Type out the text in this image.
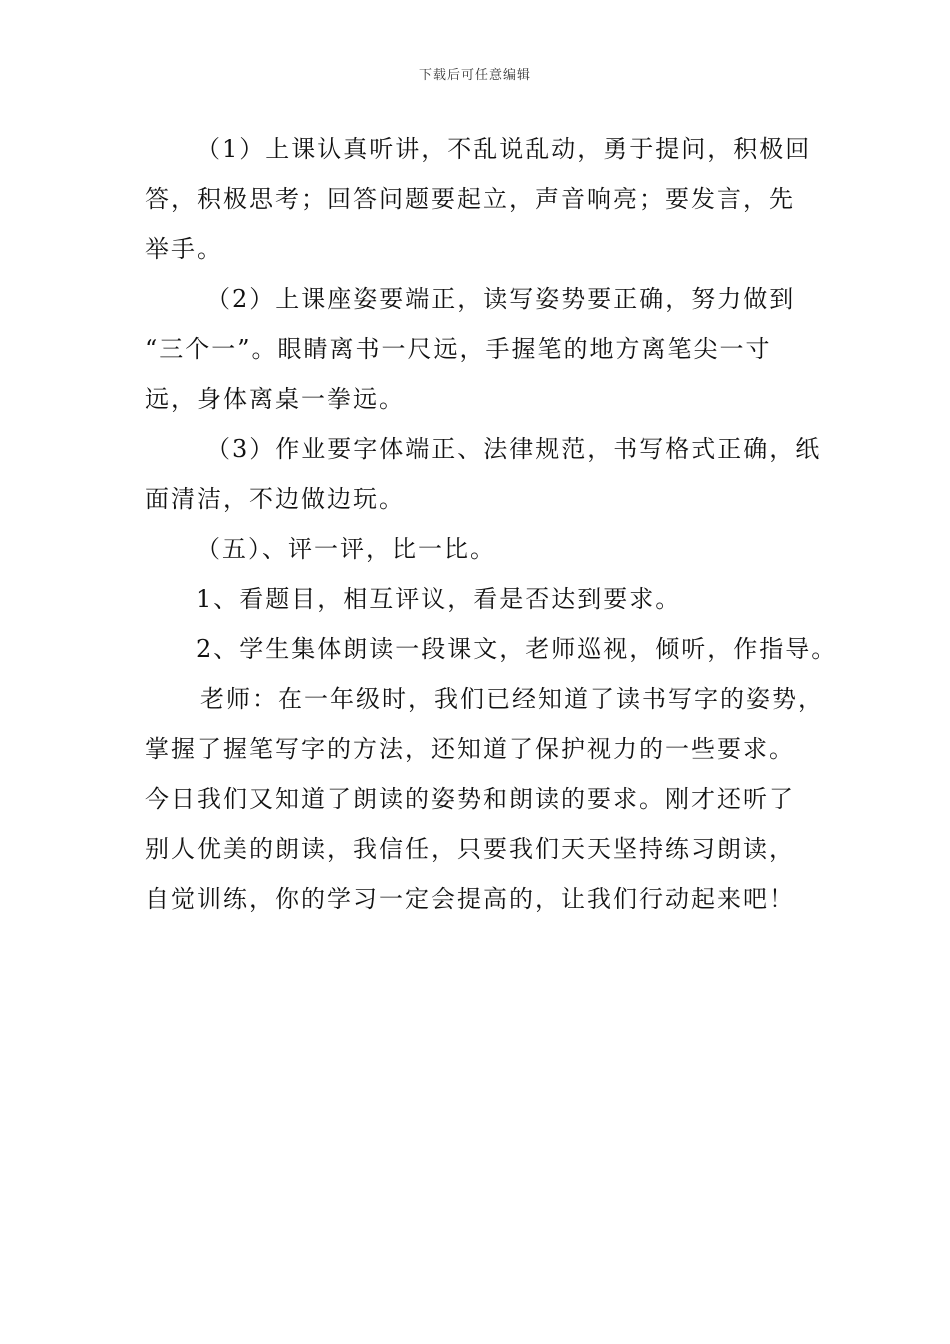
下载后可任意编辑
（1）上课认真听讲，不乱说乱动，勇于提问，积极回
答，积极思考；回答问题要起立，声音响亮；要发言，先
举手。
（2）上课座姿要端正，读写姿势要正确，努力做到
“三个一”。眼睛离书一尺远，手握笔的地方离笔尖一寸
远，身体离桌一拳远。
（3）作业要字体端正、法律规范，书写格式正确，纸
面清洁，不边做边玩。
（五）、评一评，比一比。
1、看题目，相互评议，看是否达到要求。
2、学生集体朗读一段课文，老师巡视，倾听，作指导。
老师：在一年级时，我们已经知道了读书写字的姿势，
掌握了握笔写字的方法，还知道了保护视力的一些要求。
今日我们又知道了朗读的姿势和朗读的要求。刚才还听了
别人优美的朗读，我信任，只要我们天天坚持练习朗读，
自觉训练，你的学习一定会提高的，让我们行动起来吧！
